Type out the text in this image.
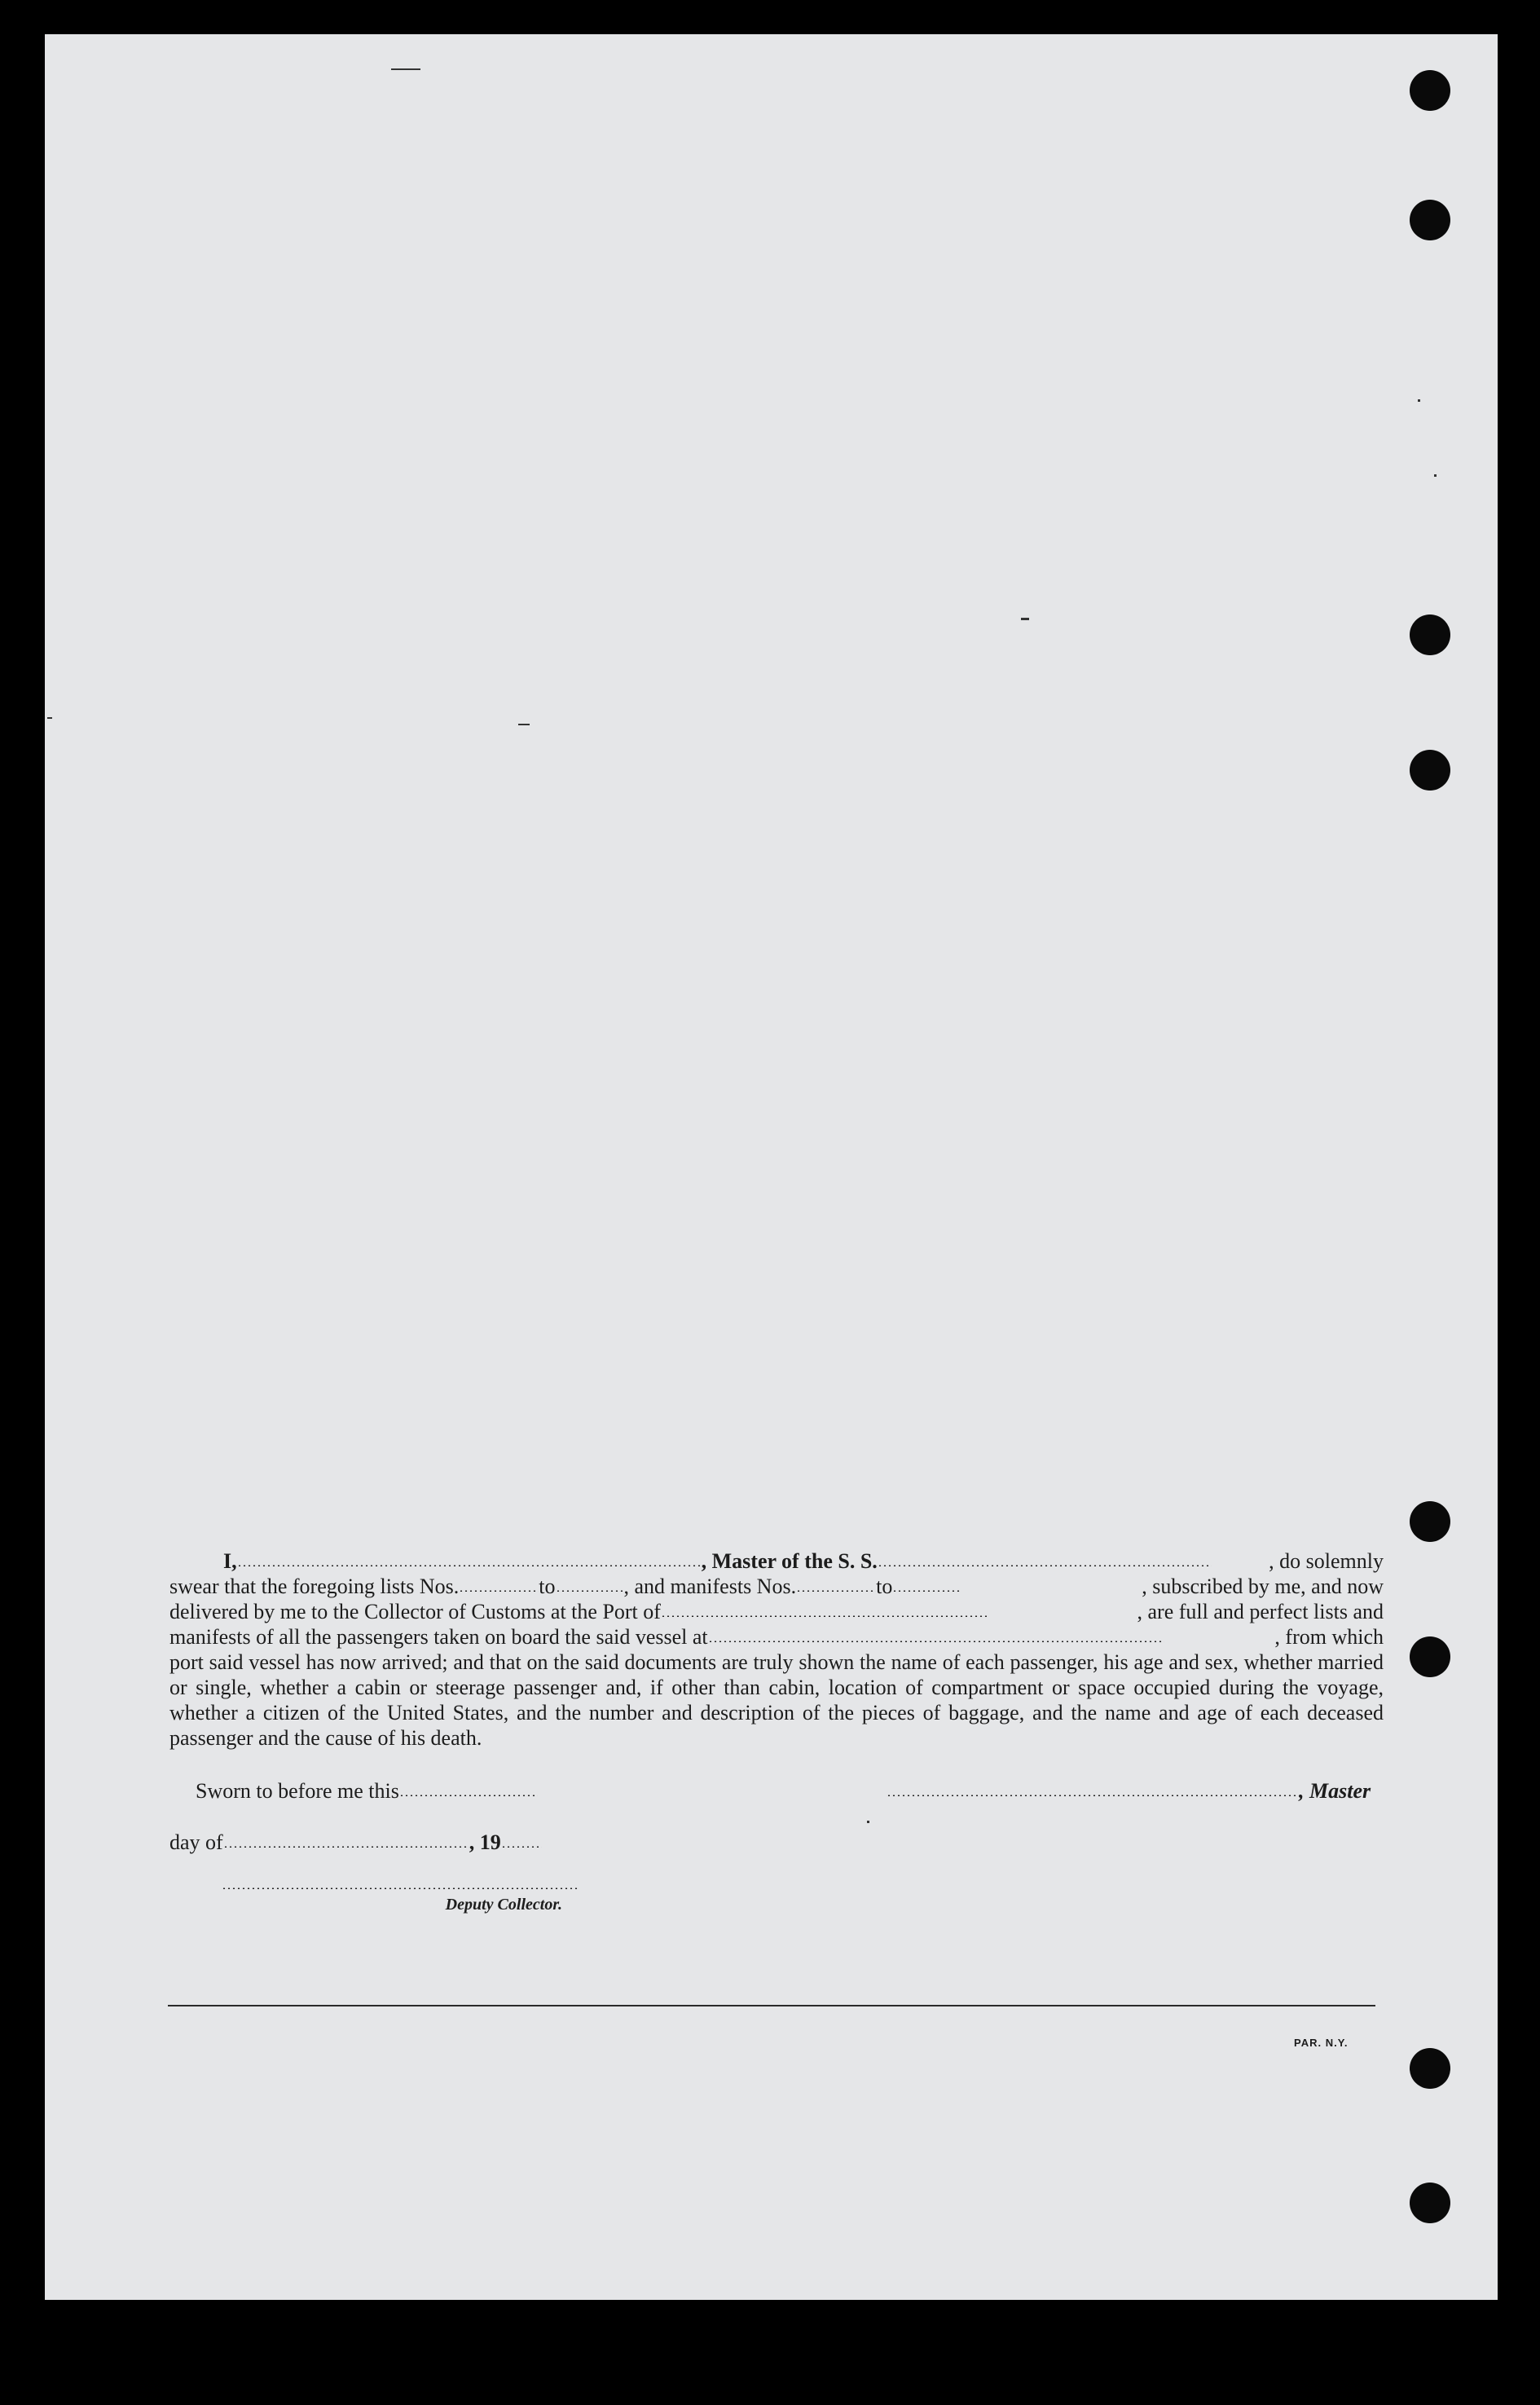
I,	, Master of the S. S.	, do solemnly

swear that the foregoing lists Nos.	to	, and manifests Nos.	to	, subscribed by me, and now

delivered by me to the Collector of Customs at the Port of	, are full and perfect lists and

manifests of all the passengers taken on board the said vessel at	, from which

port said vessel has now arrived; and that on the said documents are truly shown the name of each passenger, his age and sex, whether married or single, whether a cabin or steerage passenger and, if other than cabin, location of compartment or space occupied during the voyage, whether a citizen of the United States, and the number and description of the pieces of baggage, and the name and age of each deceased passenger and the cause of his death.

Sworn to before me this
day of	, 19
, Master
Deputy Collector.
PAR. N.Y.
